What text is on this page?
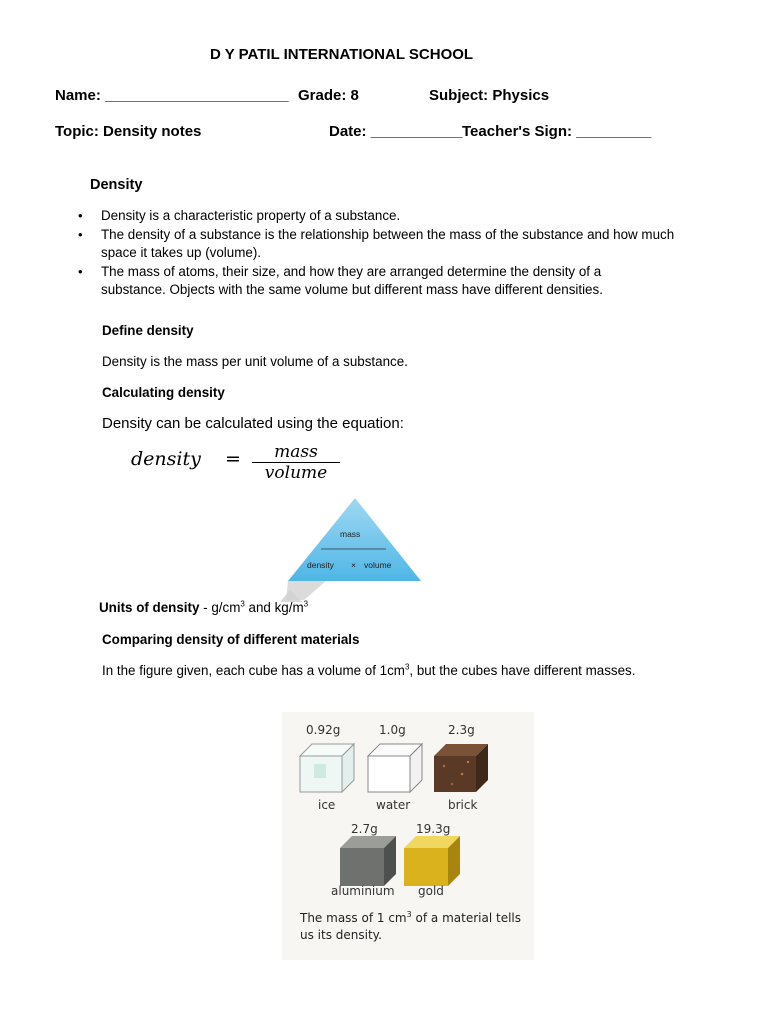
D Y PATIL INTERNATIONAL SCHOOL
Name: ______________________ Grade: 8	Subject: Physics
Topic: Density notes	Date: ___________ Teacher's Sign: _________
Density
• Density is a characteristic property of a substance.
• The density of a substance is the relationship between the mass of the substance and how much space it takes up (volume).
• The mass of atoms, their size, and how they are arranged determine the density of a substance. Objects with the same volume but different mass have different densities.
Define density
Density is the mass per unit volume of a substance.
Calculating density
Density can be calculated using the equation:
density =	mass
volume
mass
density × volume
Units of density - $g/cm^3$ and $kg/m^3$
Comparing density of different materials
In the figure given, each cube has a volume of $1cm^3$, but the cubes have different masses.
0.92g	1.0g	2.3g
ice	water	brick
2.7g	19.3g
aluminium gold
The mass of 1 $cm^3$ of a material tells us its density.
